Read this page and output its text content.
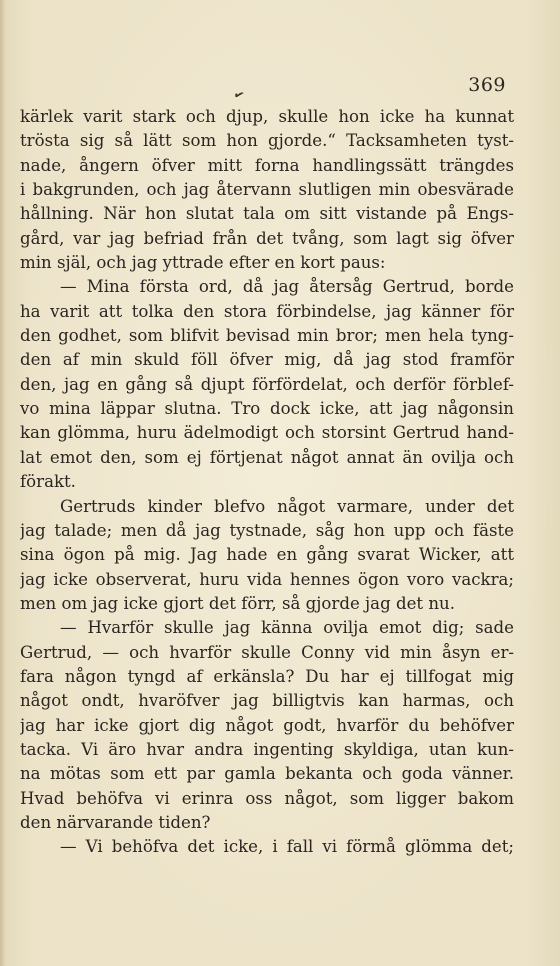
369
✔
kärlek varit stark och djup, skulle hon icke ha kunnat
trösta sig så lätt som hon gjorde.“ Tacksamheten tyst-
nade, ångern öfver mitt forna handlingssätt trängdes
i bakgrunden, och jag återvann slutligen min obesvärade
hållning. När hon slutat tala om sitt vistande på Engs-
gård, var jag befriad från det tvång, som lagt sig öfver
min själ, och jag yttrade efter en kort paus:
— Mina första ord, då jag återsåg Gertrud, borde
ha varit att tolka den stora förbindelse, jag känner för
den godhet, som blifvit bevisad min bror; men hela tyng-
den af min skuld föll öfver mig, då jag stod framför
den, jag en gång så djupt förfördelat, och derför förblef-
vo mina läppar slutna. Tro dock icke, att jag någonsin
kan glömma, huru ädelmodigt och storsint Gertrud hand-
lat emot den, som ej förtjenat något annat än ovilja och
förakt.
Gertruds kinder blefvo något varmare, under det
jag talade; men då jag tystnade, såg hon upp och fäste
sina ögon på mig. Jag hade en gång svarat Wicker, att
jag icke observerat, huru vida hennes ögon voro vackra;
men om jag icke gjort det förr, så gjorde jag det nu.
— Hvarför skulle jag känna ovilja emot dig; sade
Gertrud, — och hvarför skulle Conny vid min åsyn er-
fara någon tyngd af erkänsla? Du har ej tillfogat mig
något ondt, hvaröfver jag billigtvis kan harmas, och
jag har icke gjort dig något godt, hvarför du behöfver
tacka. Vi äro hvar andra ingenting skyldiga, utan kun-
na mötas som ett par gamla bekanta och goda vänner.
Hvad behöfva vi erinra oss något, som ligger bakom
den närvarande tiden?
— Vi behöfva det icke, i fall vi förmå glömma det;
